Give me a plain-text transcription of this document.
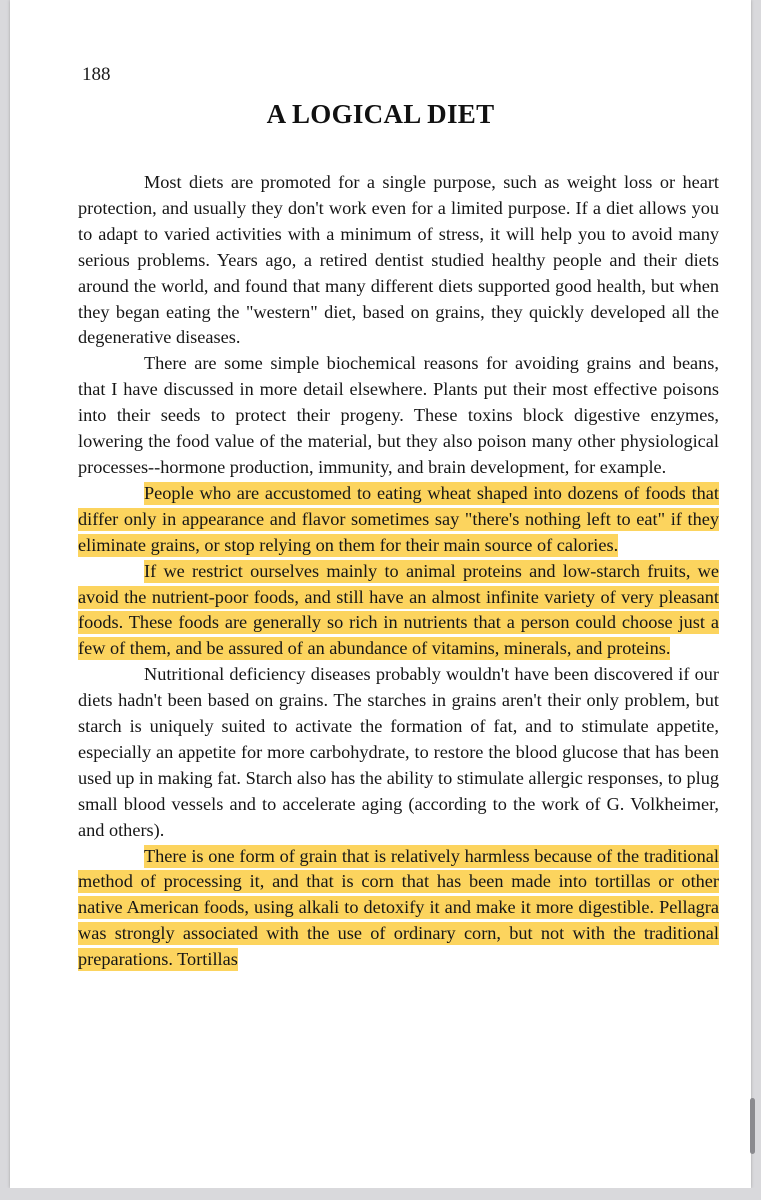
188
A LOGICAL DIET

Most diets are promoted for a single purpose, such as weight loss or heart protection, and usually they don't work even for a limited purpose. If a diet allows you to adapt to varied activities with a minimum of stress, it will help you to avoid many serious problems. Years ago, a retired dentist studied healthy people and their diets around the world, and found that many different diets supported good health, but when they began eating the "western" diet, based on grains, they quickly developed all the degenerative diseases.

There are some simple biochemical reasons for avoiding grains and beans, that I have discussed in more detail elsewhere. Plants put their most effective poisons into their seeds to protect their progeny. These toxins block digestive enzymes, lowering the food value of the material, but they also poison many other physiological processes--hormone production, immunity, and brain development, for example.

People who are accustomed to eating wheat shaped into dozens of foods that differ only in appearance and flavor sometimes say "there's nothing left to eat" if they eliminate grains, or stop relying on them for their main source of calories.

If we restrict ourselves mainly to animal proteins and low-starch fruits, we avoid the nutrient-poor foods, and still have an almost infinite variety of very pleasant foods. These foods are generally so rich in nutrients that a person could choose just a few of them, and be assured of an abundance of vitamins, minerals, and proteins.

Nutritional deficiency diseases probably wouldn't have been discovered if our diets hadn't been based on grains. The starches in grains aren't their only problem, but starch is uniquely suited to activate the formation of fat, and to stimulate appetite, especially an appetite for more carbohydrate, to restore the blood glucose that has been used up in making fat. Starch also has the ability to stimulate allergic responses, to plug small blood vessels and to accelerate aging (according to the work of G. Volkheimer, and others).

There is one form of grain that is relatively harmless because of the traditional method of processing it, and that is corn that has been made into tortillas or other native American foods, using alkali to detoxify it and make it more digestible. Pellagra was strongly associated with the use of ordinary corn, but not with the traditional preparations. Tortillas
